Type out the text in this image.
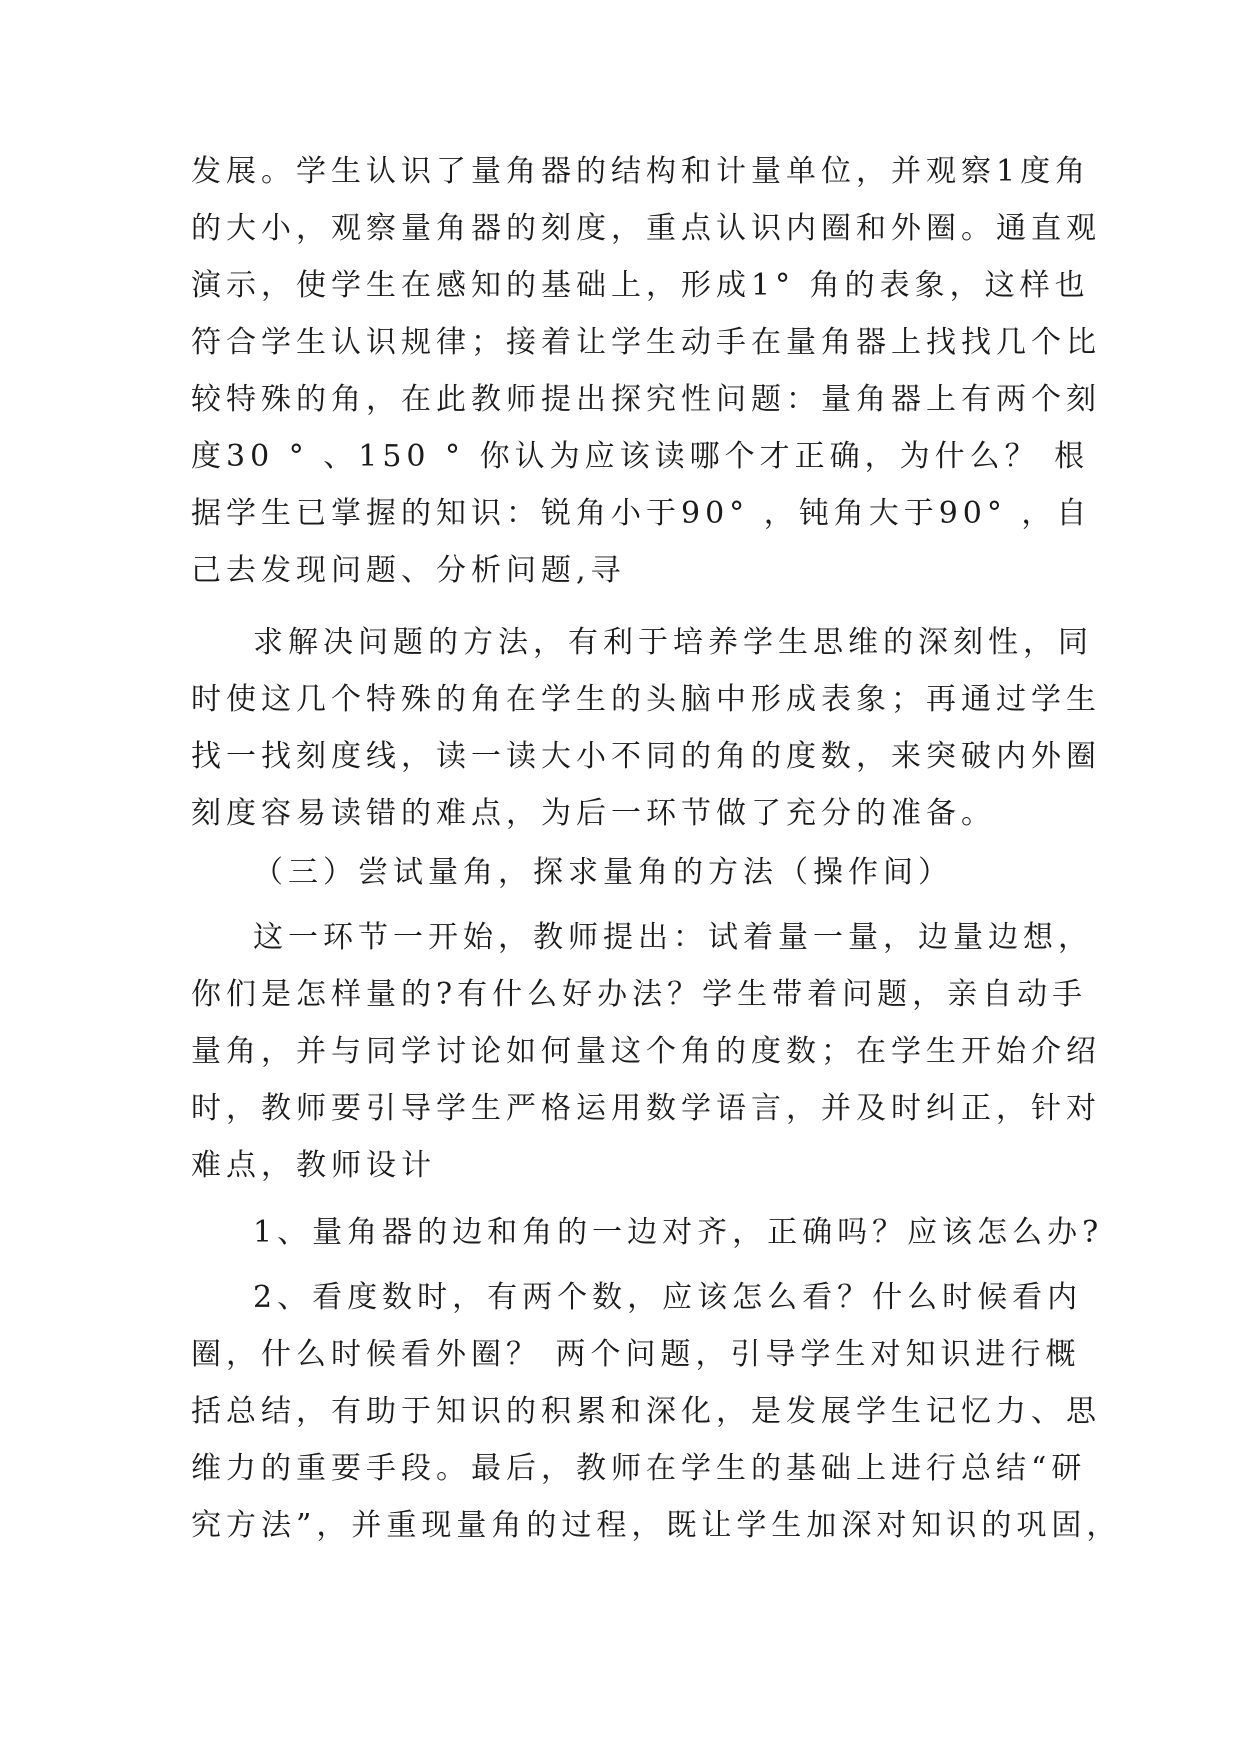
发展。学生认识了量角器的结构和计量单位，并观察1度角
的大小，观察量角器的刻度，重点认识内圈和外圈。通直观
演示，使学生在感知的基础上，形成1° 角的表象，这样也
符合学生认识规律；接着让学生动手在量角器上找找几个比
较特殊的角，在此教师提出探究性问题：量角器上有两个刻
度30 ° 、150 ° 你认为应该读哪个才正确，为什么？ 根
据学生已掌握的知识：锐角小于90° ，钝角大于90° ，自
己去发现问题、分析问题,寻
求解决问题的方法，有利于培养学生思维的深刻性，同
时使这几个特殊的角在学生的头脑中形成表象；再通过学生
找一找刻度线，读一读大小不同的角的度数，来突破内外圈
刻度容易读错的难点，为后一环节做了充分的准备。
（三）尝试量角，探求量角的方法（操作间）
这一环节一开始，教师提出：试着量一量，边量边想，
你们是怎样量的?有什么好办法？学生带着问题，亲自动手
量角，并与同学讨论如何量这个角的度数；在学生开始介绍
时，教师要引导学生严格运用数学语言，并及时纠正，针对
难点，教师设计
1、量角器的边和角的一边对齐，正确吗？应该怎么办?
2、看度数时，有两个数，应该怎么看？什么时候看内
圈，什么时候看外圈？ 两个问题，引导学生对知识进行概
括总结，有助于知识的积累和深化，是发展学生记忆力、思
维力的重要手段。最后，教师在学生的基础上进行总结“研
究方法”，并重现量角的过程，既让学生加深对知识的巩固，
